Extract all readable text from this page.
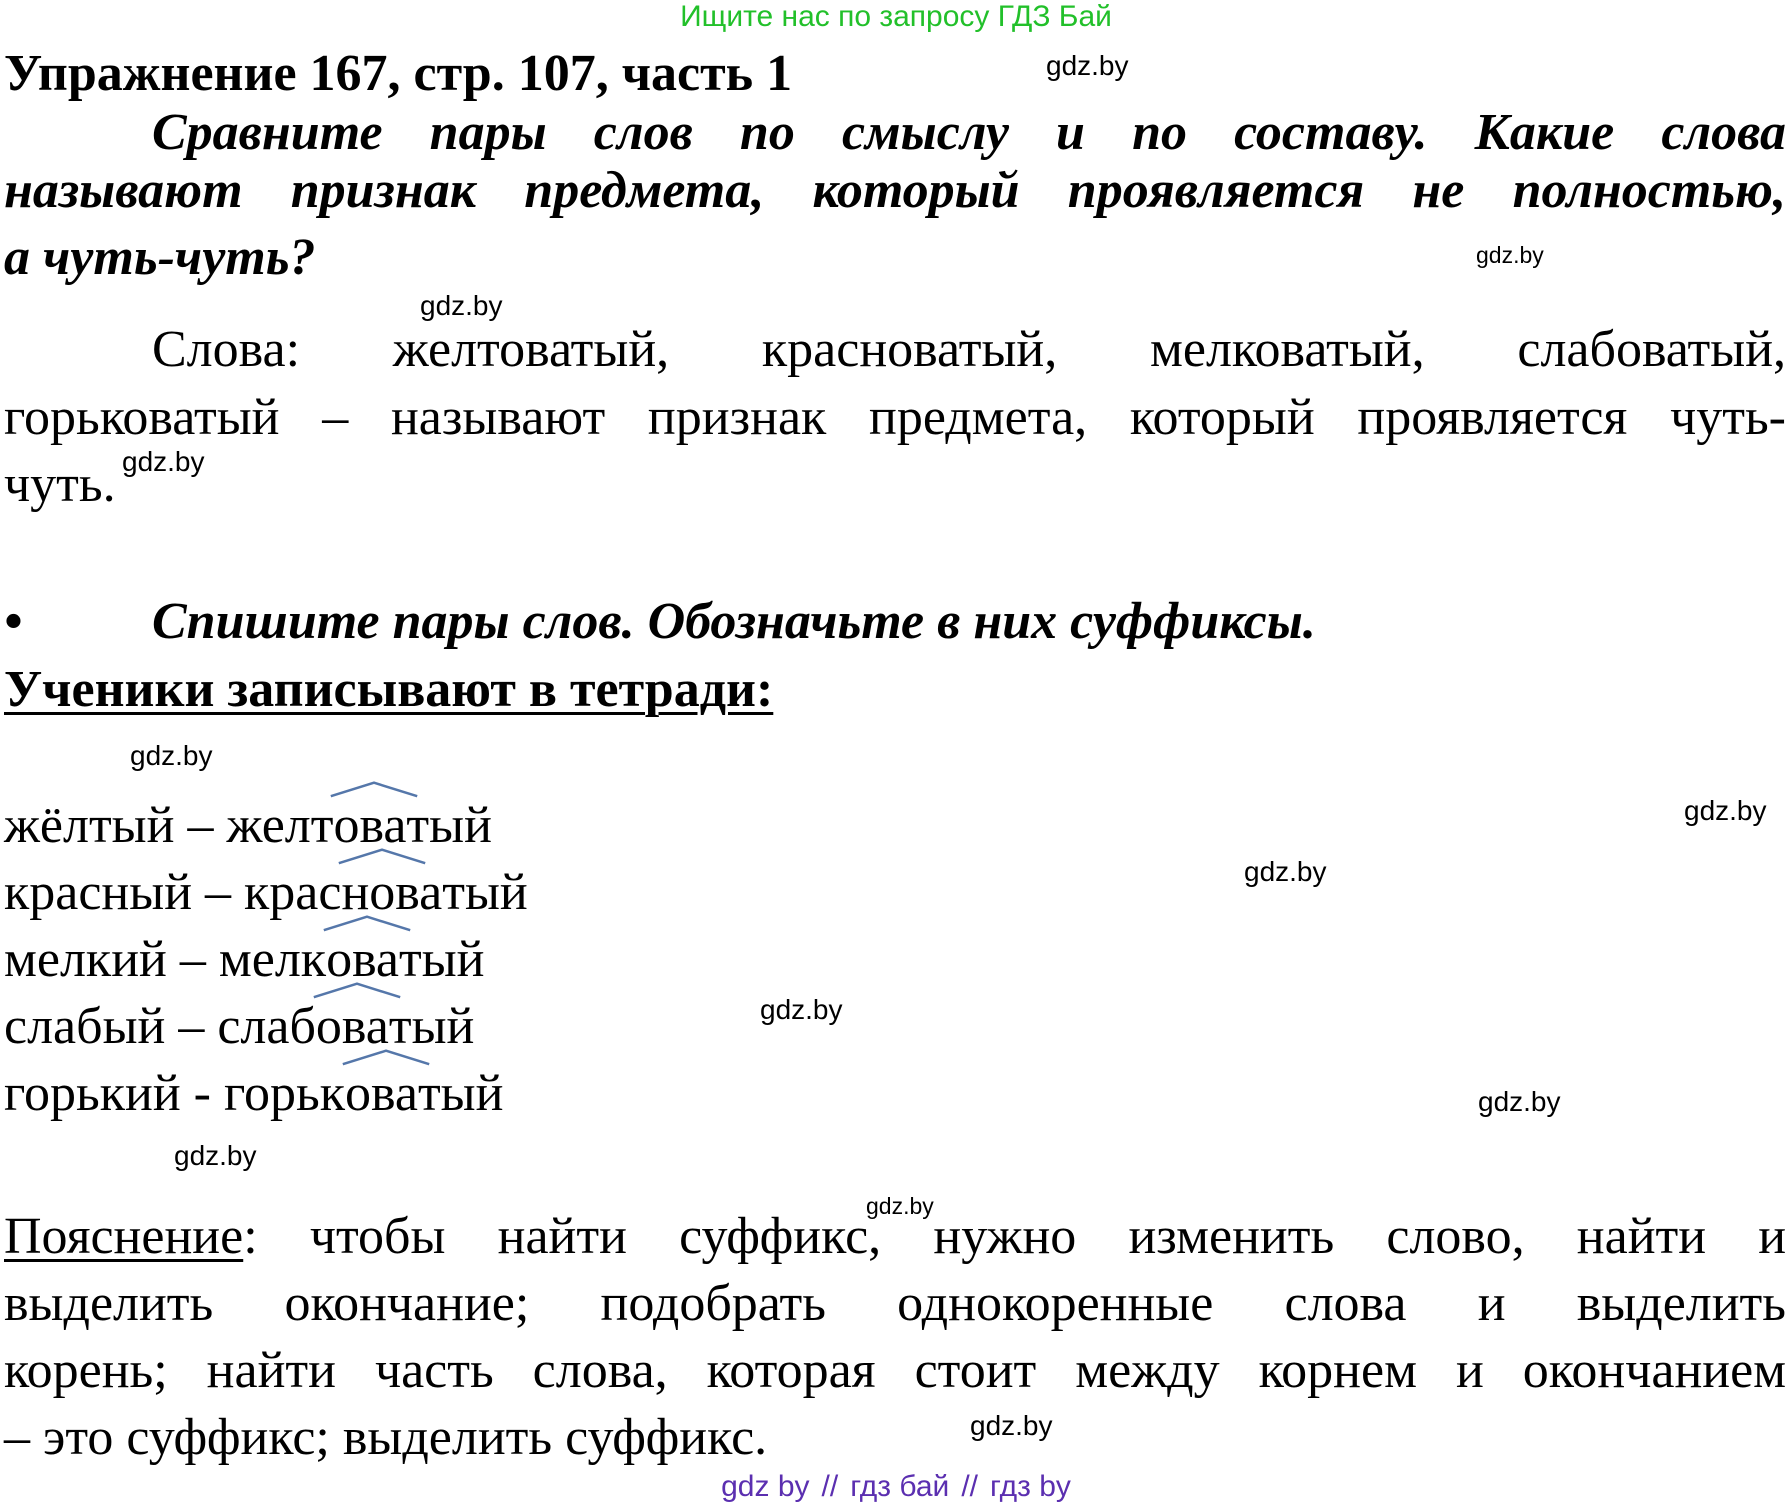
Ищите нас по запросу ГДЗ Бай
Упражнение 167, стр. 107, часть 1	gdz.by
Сравните пары слов по смыслу и по составу. Какие слова
называют признак предмета, который проявляется не полностью,
gdz.by
а чуть-чуть?
gdz.by
Слова: желтоватый, красноватый, мелковатый, слабоватый,
горьковатый – называют признак предмета, который проявляется чуть-
gdz.by
чуть.
• Спишите пары слов. Обозначьте в них суффиксы.
Ученики записывают в тетради:
gdz.by
жёлтый – желт
оватый	gdz.by
красный – крас
новатый	gdz.by
мелкий – мелк
оватый
слабый – слаб
оватый	gdz.by
горький - горьк
оватый	gdz.by
gdz.by
gdz.by
Пояснение: чтобы найти суффикс, нужно изменить слово, найти и
выделить окончание; подобрать однокоренные слова и выделить
корень; найти часть слова, которая стоит между корнем и окончанием
– это суффикс; выделить суффикс.	gdz.by
gdz by // гдз бай // гдз by
